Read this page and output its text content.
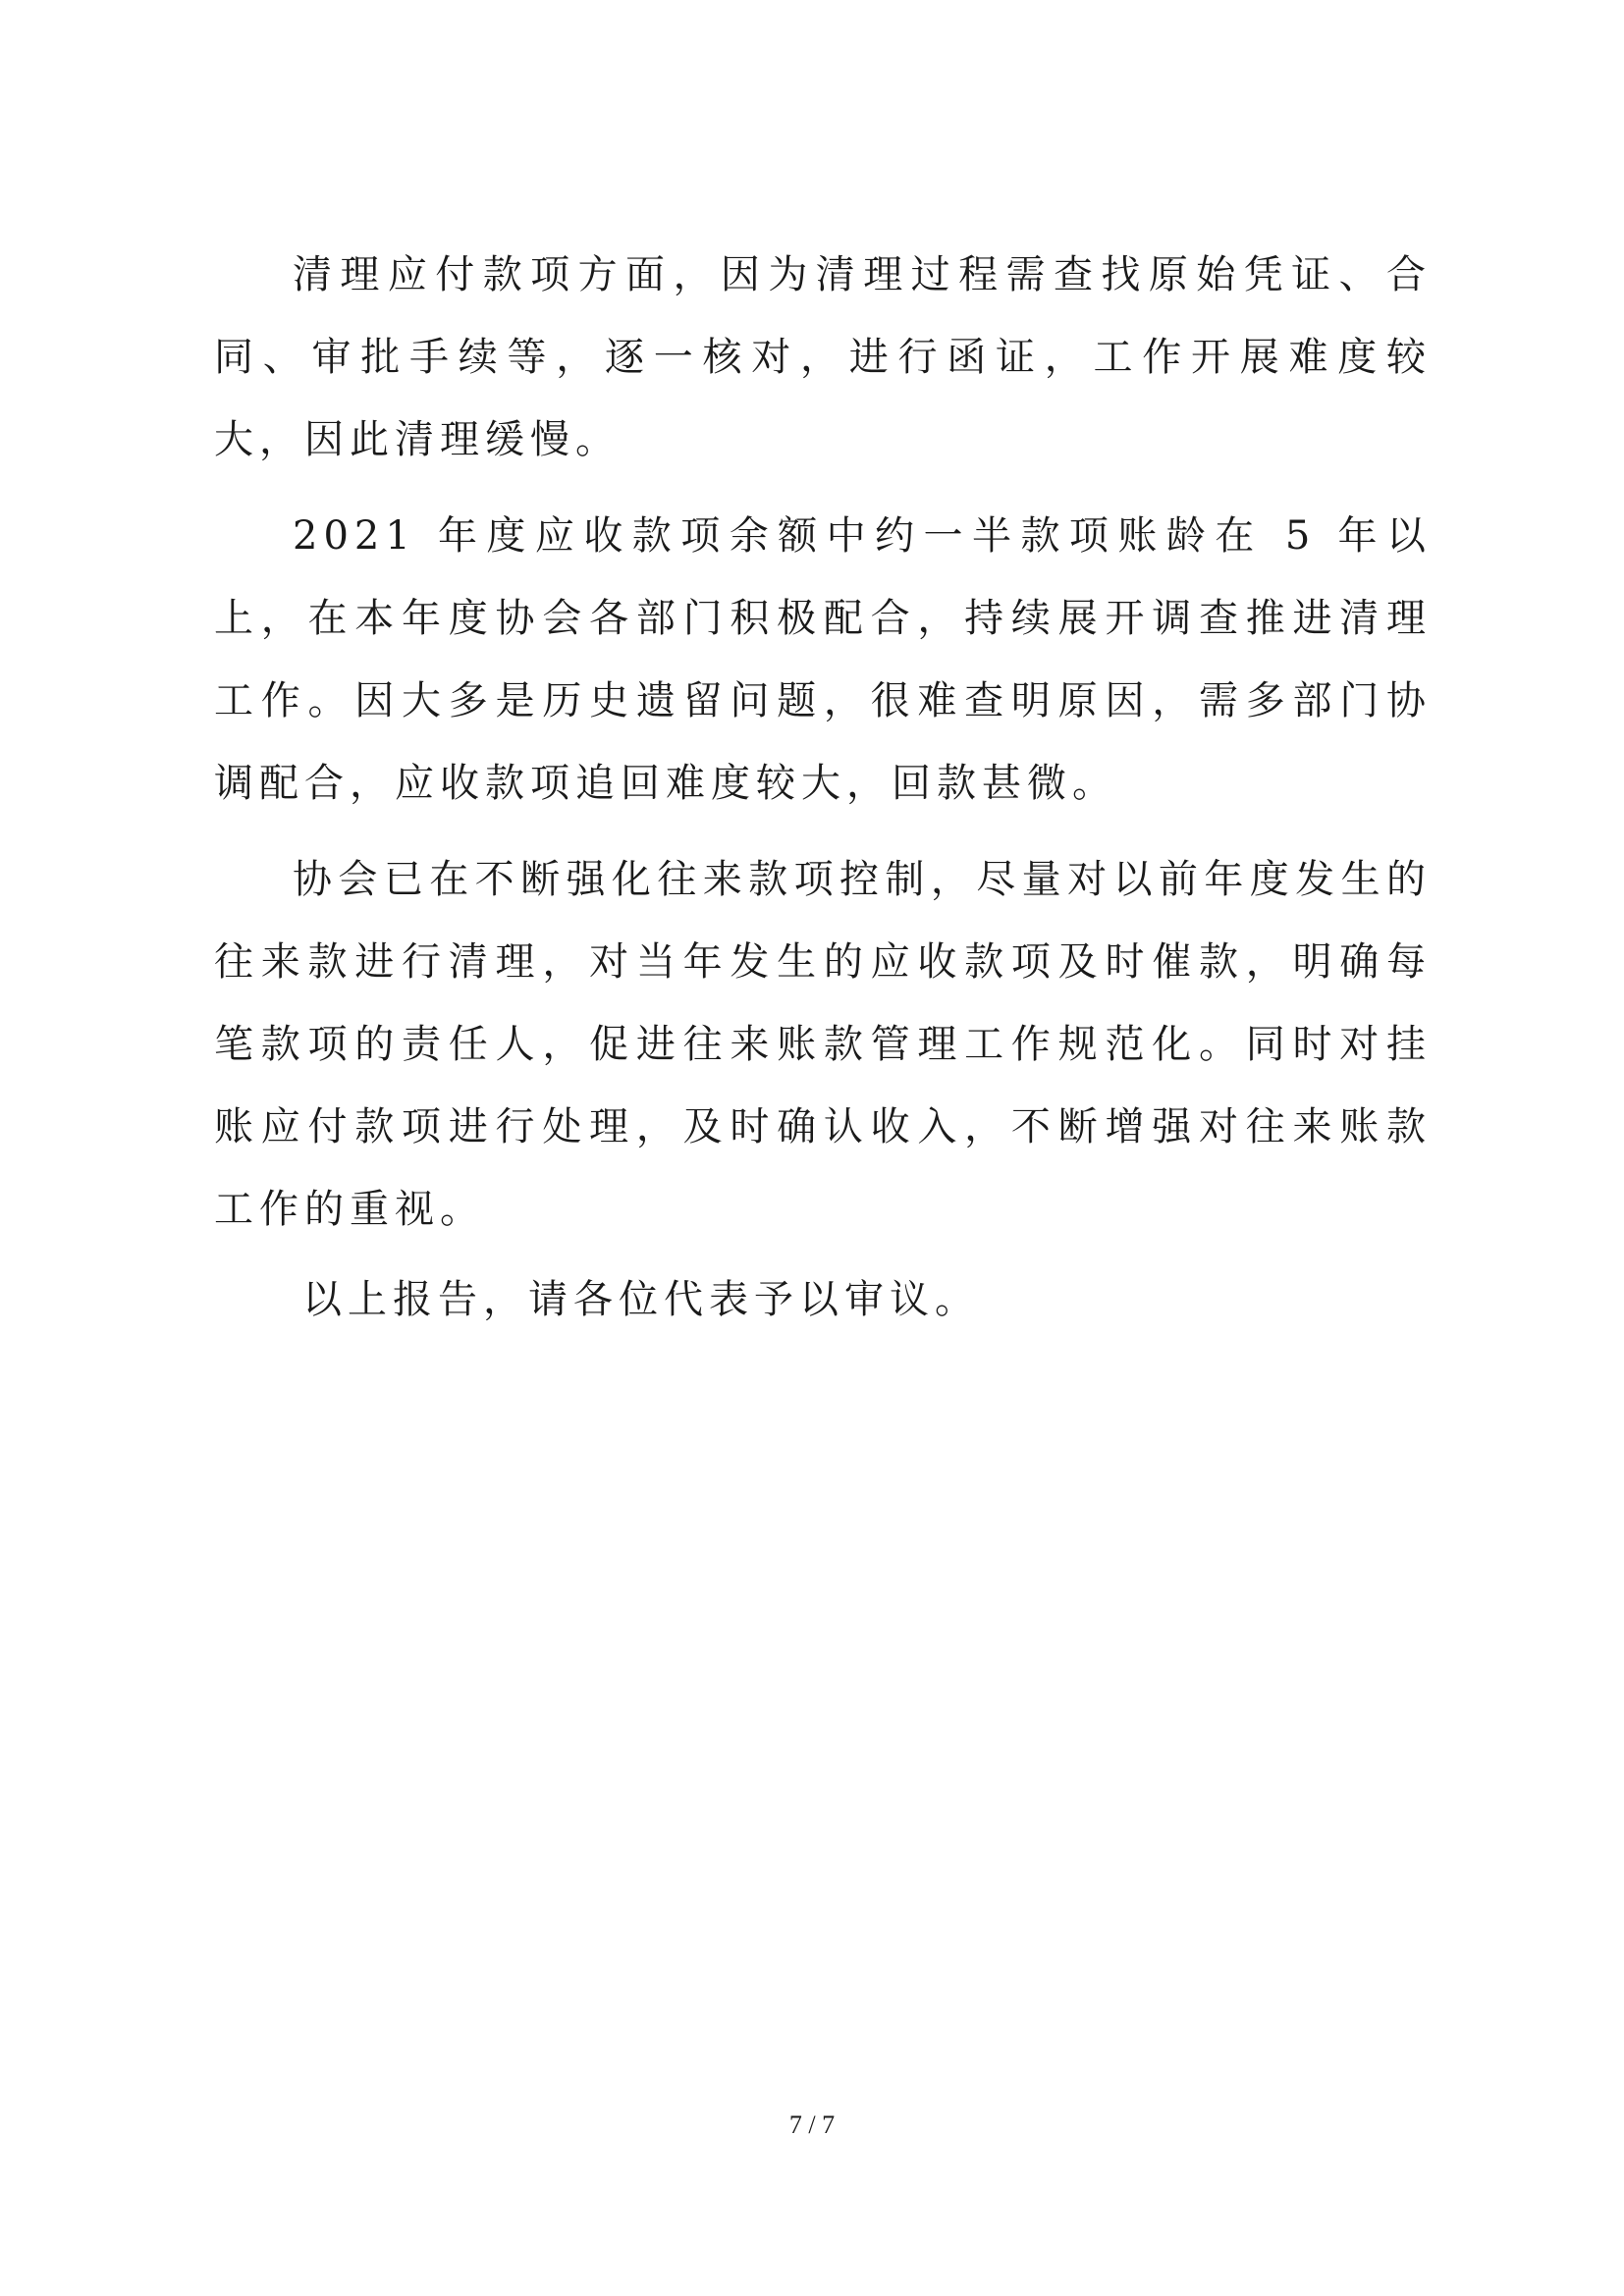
清理应付款项方面，因为清理过程需查找原始凭证、合同、审批手续等，逐一核对，进行函证，工作开展难度较大，因此清理缓慢。

2021 年度应收款项余额中约一半款项账龄在 5 年以上，在本年度协会各部门积极配合，持续展开调查推进清理工作。因大多是历史遗留问题，很难查明原因，需多部门协调配合，应收款项追回难度较大，回款甚微。

协会已在不断强化往来款项控制，尽量对以前年度发生的往来款进行清理，对当年发生的应收款项及时催款，明确每笔款项的责任人，促进往来账款管理工作规范化。同时对挂账应付款项进行处理，及时确认收入，不断增强对往来账款工作的重视。

以上报告，请各位代表予以审议。

7 / 7
